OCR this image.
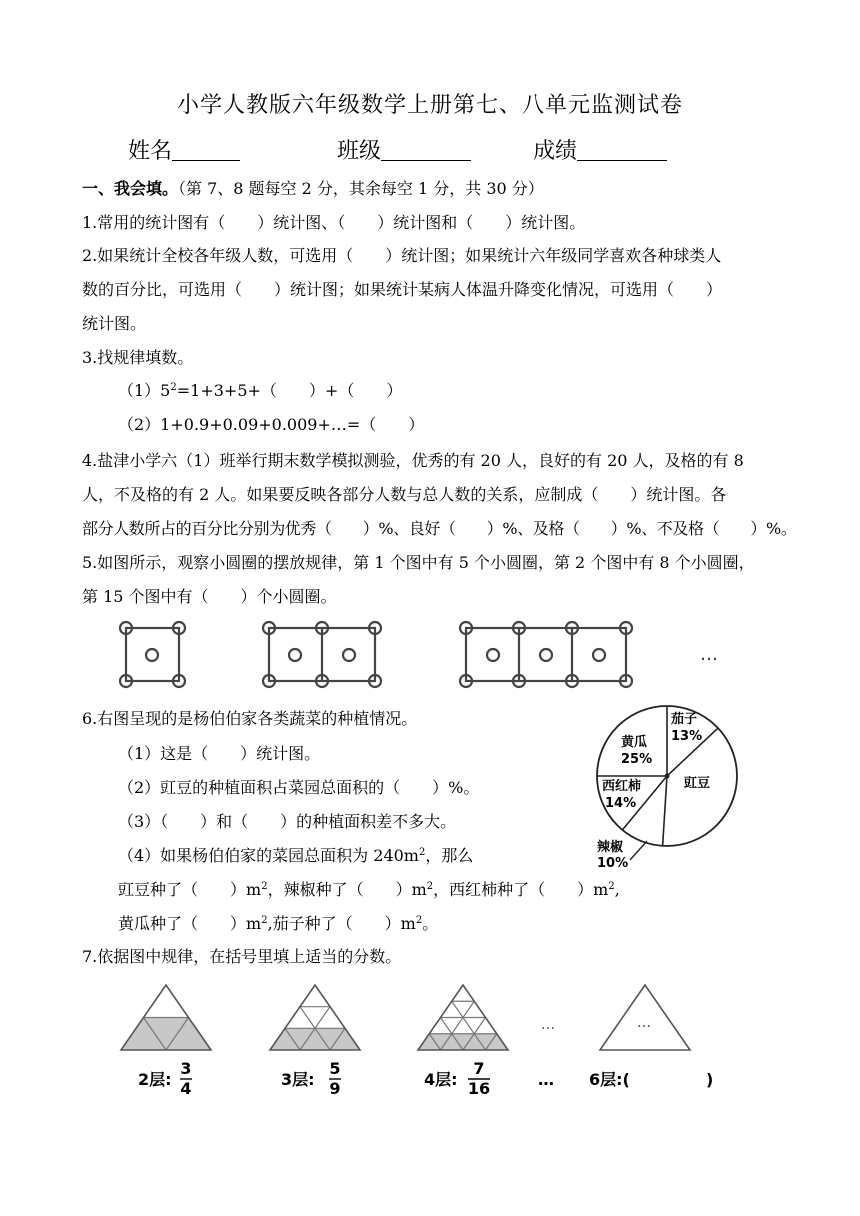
小学人教版六年级数学上册第七、八单元监测试卷
姓名	班级	成绩
一、我会填。（第 7、8 题每空 2 分，其余每空 1 分，共 30 分）
1.常用的统计图有（　　）统计图、（　　）统计图和（　　）统计图。
2.如果统计全校各年级人数，可选用（　　）统计图；如果统计六年级同学喜欢各种球类人
数的百分比，可选用（　　）统计图；如果统计某病人体温升降变化情况，可选用（　　）
统计图。
3.找规律填数。
$(1)5^2=1+3+5+$（　　）+（　　）
（2）1+0.9+0.09+0.009+…=（　　）
4.盐津小学六（1）班举行期末数学模拟测验，优秀的有 20 人，良好的有 20 人，及格的有 8
人，不及格的有 2 人。如果要反映各部分人数与总人数的关系，应制成（　　）统计图。各
部分人数所占的百分比分别为优秀（　　）%、良好（　　）%、及格（　　）%、不及格（　　）%。
5.如图所示，观察小圆圈的摆放规律，第 1 个图中有 5 个小圆圈，第 2 个图中有 8 个小圆圈，
第 15 个图中有（　　）个小圆圈。
…
6.右图呈现的是杨伯伯家各类蔬菜的种植情况。
（1）这是（　　）统计图。
（2）豇豆的种植面积占菜园总面积的（　　）%。
（3）（　　）和（　　）的种植面积差不多大。
（4）如果杨伯伯家的菜园总面积为 $240m^2$，那么
豇豆种了（　　）$m^2$，辣椒种了（　　）$m^2$，西红柿种了（　　）$m^2$,
黄瓜种了（　　）$m^2$,茄子种了（　　）$m^2$。
7.依据图中规律，在括号里填上适当的分数。
茄子
13%
黄瓜
25%
西红柿
14%
豇豆
辣椒
10%
…
…
2层:
3
4	3层:
5
9	4层:
7
16	… 6层:(	)
